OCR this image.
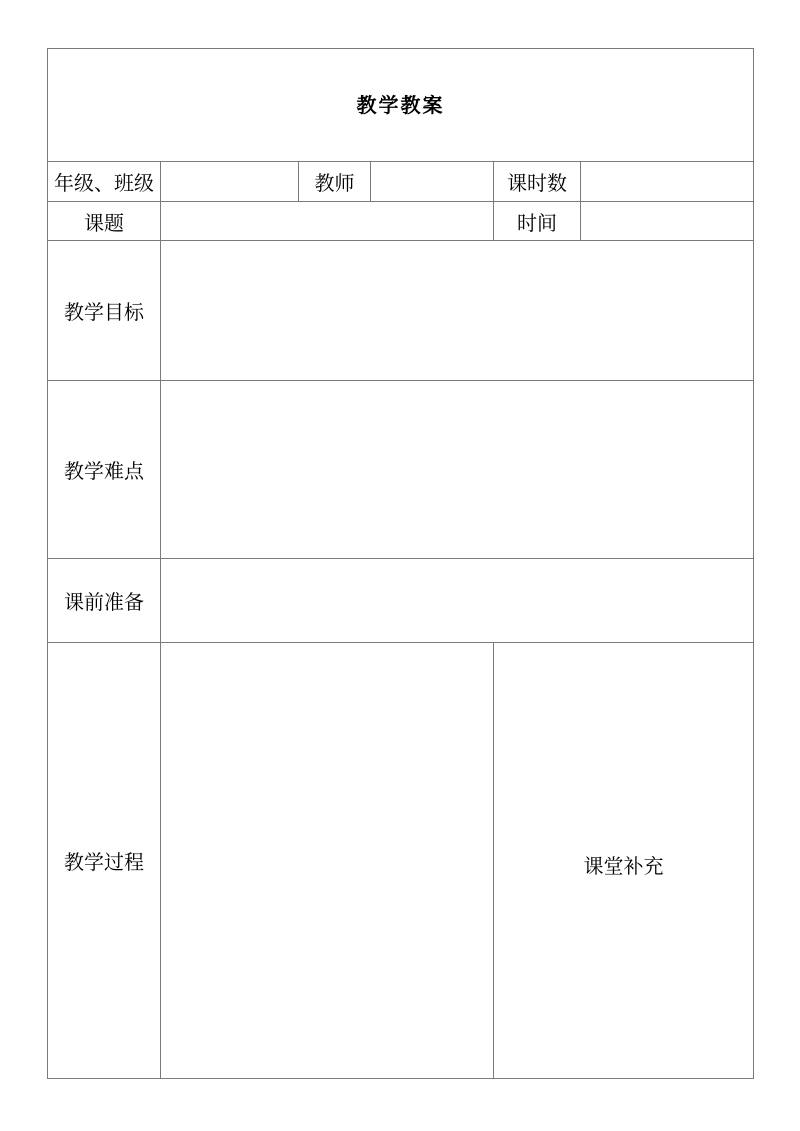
教学教案					
年级、班级		教师		课时数	
课题				时间	
教学目标					
教学难点					
课前准备					
教学过程				课堂补充	
